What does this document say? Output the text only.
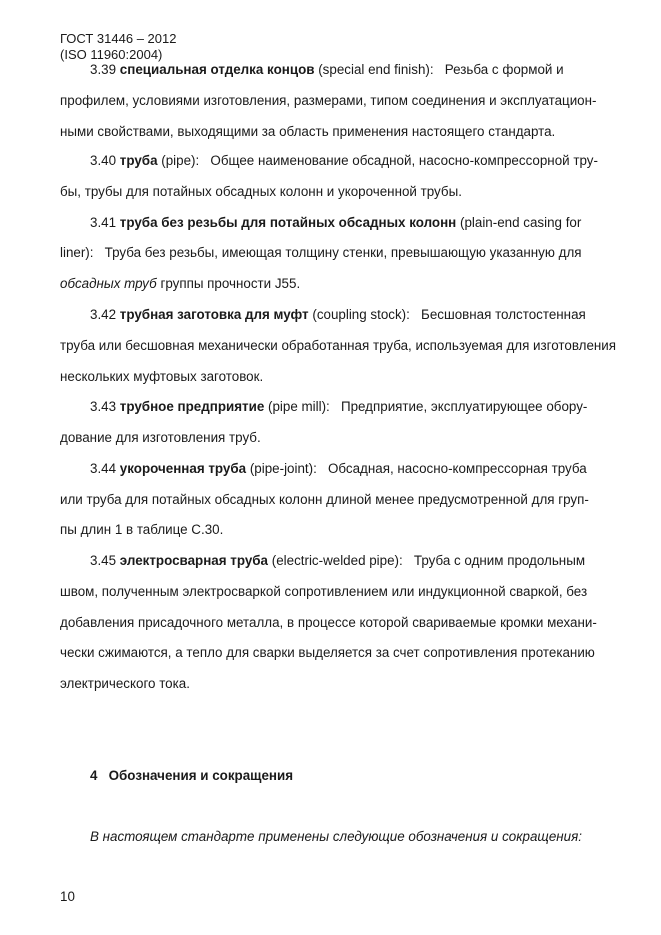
ГОСТ 31446 – 2012
(ISO 11960:2004)
3.39 специальная отделка концов (special end finish): Резьба с формой и
профилем, условиями изготовления, размерами, типом соединения и эксплуатацион-
ными свойствами, выходящими за область применения настоящего стандарта.
3.40 труба (pipe): Общее наименование обсадной, насосно-компрессорной тру-
бы, трубы для потайных обсадных колонн и укороченной трубы.
3.41 труба без резьбы для потайных обсадных колонн (plain-end casing for
liner): Труба без резьбы, имеющая толщину стенки, превышающую указанную для
обсадных труб группы прочности J55.
3.42 трубная заготовка для муфт (coupling stock): Бесшовная толстостенная
труба или бесшовная механически обработанная труба, используемая для изготовления
нескольких муфтовых заготовок.
3.43 трубное предприятие (pipe mill): Предприятие, эксплуатирующее обору-
дование для изготовления труб.
3.44 укороченная труба (pipe-joint): Обсадная, насосно-компрессорная труба
или труба для потайных обсадных колонн длиной менее предусмотренной для груп-
пы длин 1 в таблице С.30.
3.45 электросварная труба (electric-welded pipe): Труба с одним продольным
швом, полученным электросваркой сопротивлением или индукционной сваркой, без
добавления присадочного металла, в процессе которой свариваемые кромки механи-
чески сжимаются, а тепло для сварки выделяется за счет сопротивления протеканию
электрического тока.
4 Обозначения и сокращения
В настоящем стандарте применены следующие обозначения и сокращения:
10
